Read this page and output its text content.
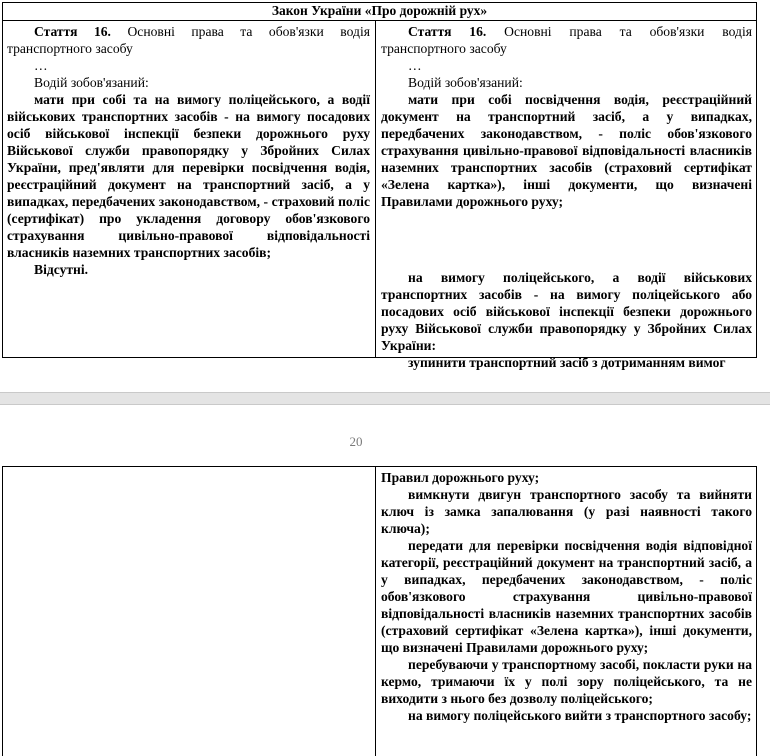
Закон України «Про дорожній рух»

Стаття 16. Основні права та обов'язки водія транспортного засобу

…

Водій зобов'язаний:

мати при собі та на вимогу поліцейського, а водії військових транспортних засобів - на вимогу посадових осіб військової інспекції безпеки дорожнього руху Військової служби правопорядку у Збройних Силах України, пред'являти для перевірки посвідчення водія, реєстраційний документ на транспортний засіб, а у випадках, передбачених законодавством, - страховий поліс (сертифікат) про укладення договору обов'язкового страхування цивільно-правової відповідальності власників наземних транспортних засобів;

Відсутні.

Стаття 16. Основні права та обов'язки водія транспортного засобу

…

Водій зобов'язаний:

мати при собі посвідчення водія, реєстраційний документ на транспортний засіб, а у випадках, передбачених законодавством, - поліс обов'язкового страхування цивільно-правової відповідальності власників наземних транспортних засобів (страховий сертифікат «Зелена картка»), інші документи, що визначені Правилами дорожнього руху;

на вимогу поліцейського, а водії військових транспортних засобів - на вимогу поліцейського або посадових осіб військової інспекції безпеки дорожнього руху Військової служби правопорядку у Збройних Силах України:

зупинити транспортний засіб з дотриманням вимог

20

Правил дорожнього руху;

вимкнути двигун транспортного засобу та вийняти ключ із замка запалювання (у разі наявності такого ключа);

передати для перевірки посвідчення водія відповідної категорії, реєстраційний документ на транспортний засіб, а у випадках, передбачених законодавством, - поліс обов'язкового страхування цивільно-правової відповідальності власників наземних транспортних засобів (страховий сертифікат «Зелена картка»), інші документи, що визначені Правилами дорожнього руху;

перебуваючи у транспортному засобі, покласти руки на кермо, тримаючи їх у полі зору поліцейського, та не виходити з нього без дозволу поліцейського;

на вимогу поліцейського вийти з транспортного засобу;
